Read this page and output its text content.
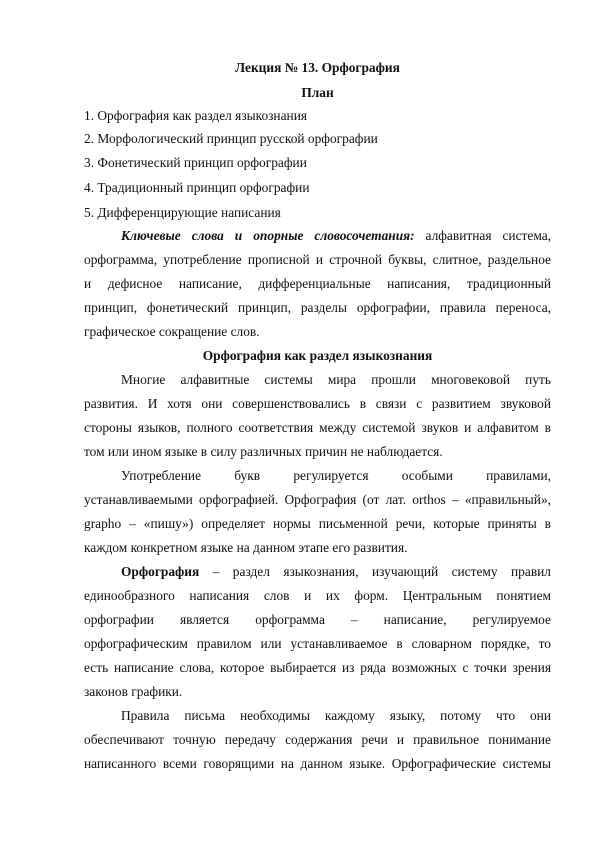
Лекция № 13. Орфография
План
1. Орфография как раздел языкознания
2. Морфологический принцип русской орфографии
3. Фонетический принцип орфографии
4. Традиционный принцип орфографии
5. Дифференцирующие написания
Ключевые слова и опорные словосочетания: алфавитная система,
орфограмма, употребление прописной и строчной буквы, слитное, раздельное
и дефисное написание, дифференциальные написания, традиционный
принцип, фонетический принцип, разделы орфографии, правила переноса,
графическое сокращение слов.
Орфография как раздел языкознания
Многие алфавитные системы мира прошли многовековой путь
развития. И хотя они совершенствовались в связи с развитием звуковой
стороны языков, полного соответствия между системой звуков и алфавитом в
том или ином языке в силу различных причин не наблюдается.
Употребление букв регулируется особыми правилами,
устанавливаемыми орфографией. Орфография (от лат. orthos – «правильный»,
grapho – «пишу») определяет нормы письменной речи, которые приняты в
каждом конкретном языке на данном этапе его развития.
Орфография – раздел языкознания, изучающий систему правил
единообразного написания слов и их форм. Центральным понятием
орфографии является орфограмма – написание, регулируемое
орфографическим правилом или устанавливаемое в словарном порядке, то
есть написание слова, которое выбирается из ряда возможных с точки зрения
законов графики.
Правила письма необходимы каждому языку, потому что они
обеспечивают точную передачу содержания речи и правильное понимание
написанного всеми говорящими на данном языке. Орфографические системы
